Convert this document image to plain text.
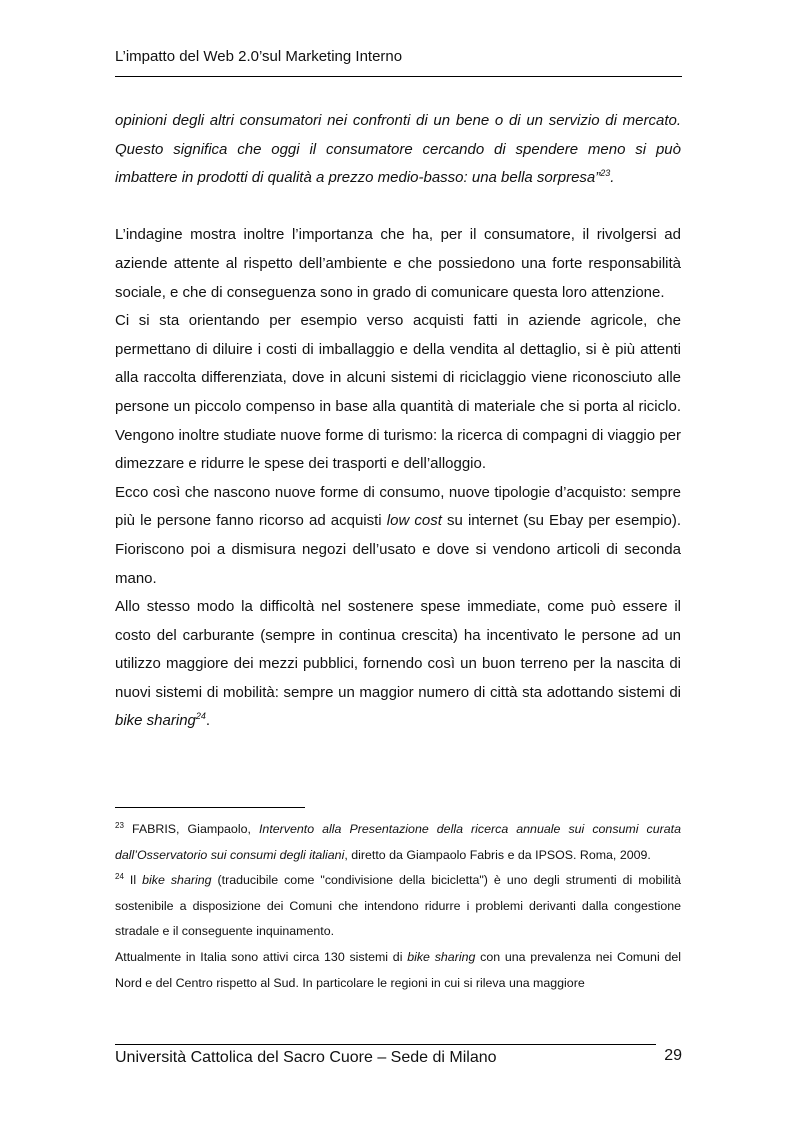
L’impatto del Web 2.0’sul Marketing Interno

opinioni degli altri consumatori nei confronti di un bene o di un servizio di mercato. Questo significa che oggi il consumatore cercando di spendere meno si può imbattere in prodotti di qualità a prezzo medio-basso: una bella sorpresa”$^{23}$.

L’indagine mostra inoltre l’importanza che ha, per il consumatore, il rivolgersi ad aziende attente al rispetto dell’ambiente e che possiedono una forte responsabilità sociale, e che di conseguenza sono in grado di comunicare questa loro attenzione.

Ci si sta orientando per esempio verso acquisti fatti in aziende agricole, che permettano di diluire i costi di imballaggio e della vendita al dettaglio, si è più attenti alla raccolta differenziata, dove in alcuni sistemi di riciclaggio viene riconosciuto alle persone un piccolo compenso in base alla quantità di materiale che si porta al riciclo. Vengono inoltre studiate nuove forme di turismo: la ricerca di compagni di viaggio per dimezzare e ridurre le spese dei trasporti e dell’alloggio.

Ecco così che nascono nuove forme di consumo, nuove tipologie d’acquisto: sempre più le persone fanno ricorso ad acquisti low cost su internet (su Ebay per esempio). Fioriscono poi a dismisura negozi dell’usato e dove si vendono articoli di seconda mano.

Allo stesso modo la difficoltà nel sostenere spese immediate, come può essere il costo del carburante (sempre in continua crescita) ha incentivato le persone ad un utilizzo maggiore dei mezzi pubblici, fornendo così un buon terreno per la nascita di nuovi sistemi di mobilità: sempre un maggior numero di città sta adottando sistemi di bike sharing$^{24}$.

$^{23}$ FABRIS, Giampaolo, Intervento alla Presentazione della ricerca annuale sui consumi curata dall’Osservatorio sui consumi degli italiani, diretto da Giampaolo Fabris e da IPSOS. Roma, 2009.

$^{24}$ Il bike sharing (traducibile come "condivisione della bicicletta") è uno degli strumenti di mobilità sostenibile a disposizione dei Comuni che intendono ridurre i problemi derivanti dalla congestione stradale e il conseguente inquinamento.

Attualmente in Italia sono attivi circa 130 sistemi di bike sharing con una prevalenza nei Comuni del Nord e del Centro rispetto al Sud. In particolare le regioni in cui si rileva una maggiore

Università Cattolica del Sacro Cuore – Sede di Milano	29
